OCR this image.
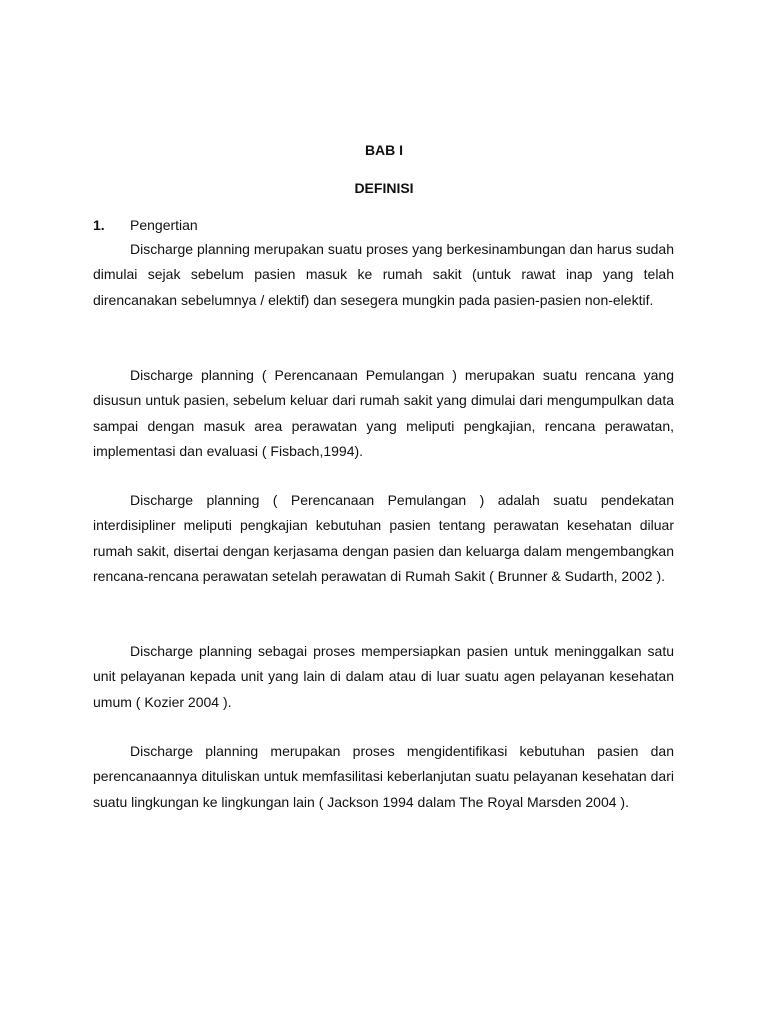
BAB I
DEFINISI
1. Pengertian

Discharge planning merupakan suatu proses yang berkesinambungan dan harus sudah dimulai sejak sebelum pasien masuk ke rumah sakit (untuk rawat inap yang telah direncanakan sebelumnya / elektif) dan sesegera mungkin pada pasien-pasien non-elektif.

Discharge planning ( Perencanaan Pemulangan ) merupakan suatu rencana yang disusun untuk pasien, sebelum keluar dari rumah sakit yang dimulai dari mengumpulkan data sampai dengan masuk area perawatan yang meliputi pengkajian, rencana perawatan, implementasi dan evaluasi ( Fisbach,1994).

Discharge planning ( Perencanaan Pemulangan ) adalah suatu pendekatan interdisipliner meliputi pengkajian kebutuhan pasien tentang perawatan kesehatan diluar rumah sakit, disertai dengan kerjasama dengan pasien dan keluarga dalam mengembangkan rencana-rencana perawatan setelah perawatan di Rumah Sakit ( Brunner & Sudarth, 2002 ).

Discharge planning sebagai proses mempersiapkan pasien untuk meninggalkan satu unit pelayanan kepada unit yang lain di dalam atau di luar suatu agen pelayanan kesehatan umum ( Kozier 2004 ).

Discharge planning merupakan proses mengidentifikasi kebutuhan pasien dan perencanaannya dituliskan untuk memfasilitasi keberlanjutan suatu pelayanan kesehatan dari suatu lingkungan ke lingkungan lain ( Jackson 1994 dalam The Royal Marsden 2004 ).
